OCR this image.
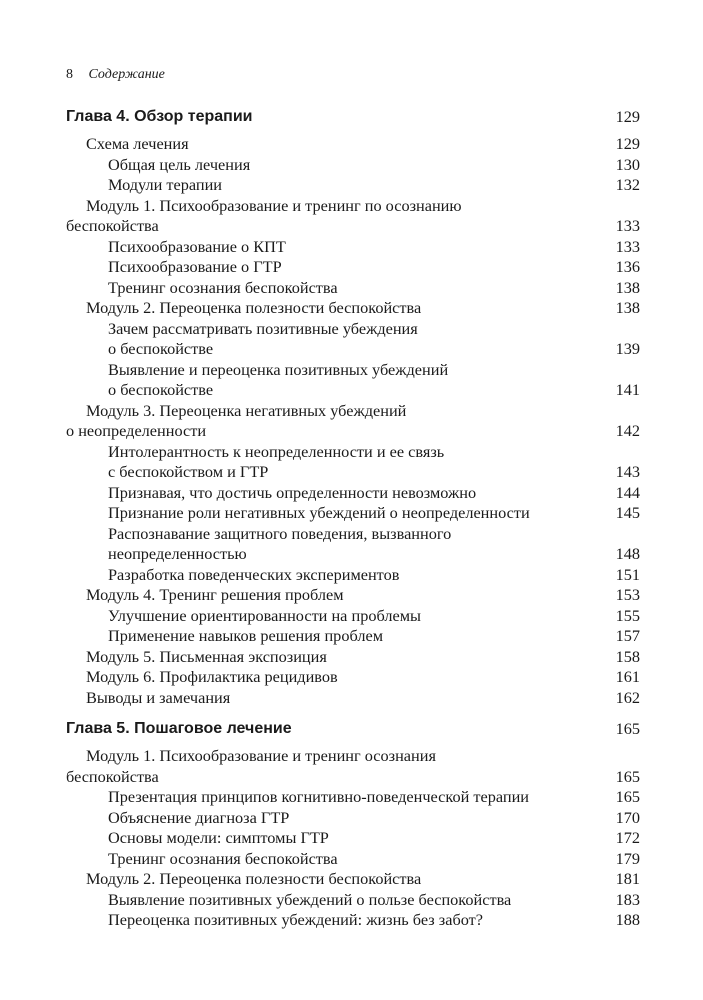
8 Содержание
Глава 4. Обзор терапии	129
Схема лечения	129
Общая цель лечения	130
Модули терапии	132
Модуль 1. Психообразование и тренинг по осознанию
беспокойства	133
Психообразование о КПТ	133
Психообразование о ГТР	136
Тренинг осознания беспокойства	138
Модуль 2. Переоценка полезности беспокойства	138
Зачем рассматривать позитивные убеждения
о беспокойстве	139
Выявление и переоценка позитивных убеждений
о беспокойстве	141
Модуль 3. Переоценка негативных убеждений
о неопределенности	142
Интолерантность к неопределенности и ее связь
с беспокойством и ГТР	143
Признавая, что достичь определенности невозможно	144
Признание роли негативных убеждений о неопределенности	145
Распознавание защитного поведения, вызванного
неопределенностью	148
Разработка поведенческих экспериментов	151
Модуль 4. Тренинг решения проблем	153
Улучшение ориентированности на проблемы	155
Применение навыков решения проблем	157
Модуль 5. Письменная экспозиция	158
Модуль 6. Профилактика рецидивов	161
Выводы и замечания	162
Глава 5. Пошаговое лечение	165
Модуль 1. Психообразование и тренинг осознания
беспокойства	165
Презентация принципов когнитивно-поведенческой терапии	165
Объяснение диагноза ГТР	170
Основы модели: симптомы ГТР	172
Тренинг осознания беспокойства	179
Модуль 2. Переоценка полезности беспокойства	181
Выявление позитивных убеждений о пользе беспокойства	183
Переоценка позитивных убеждений: жизнь без забот?	188
